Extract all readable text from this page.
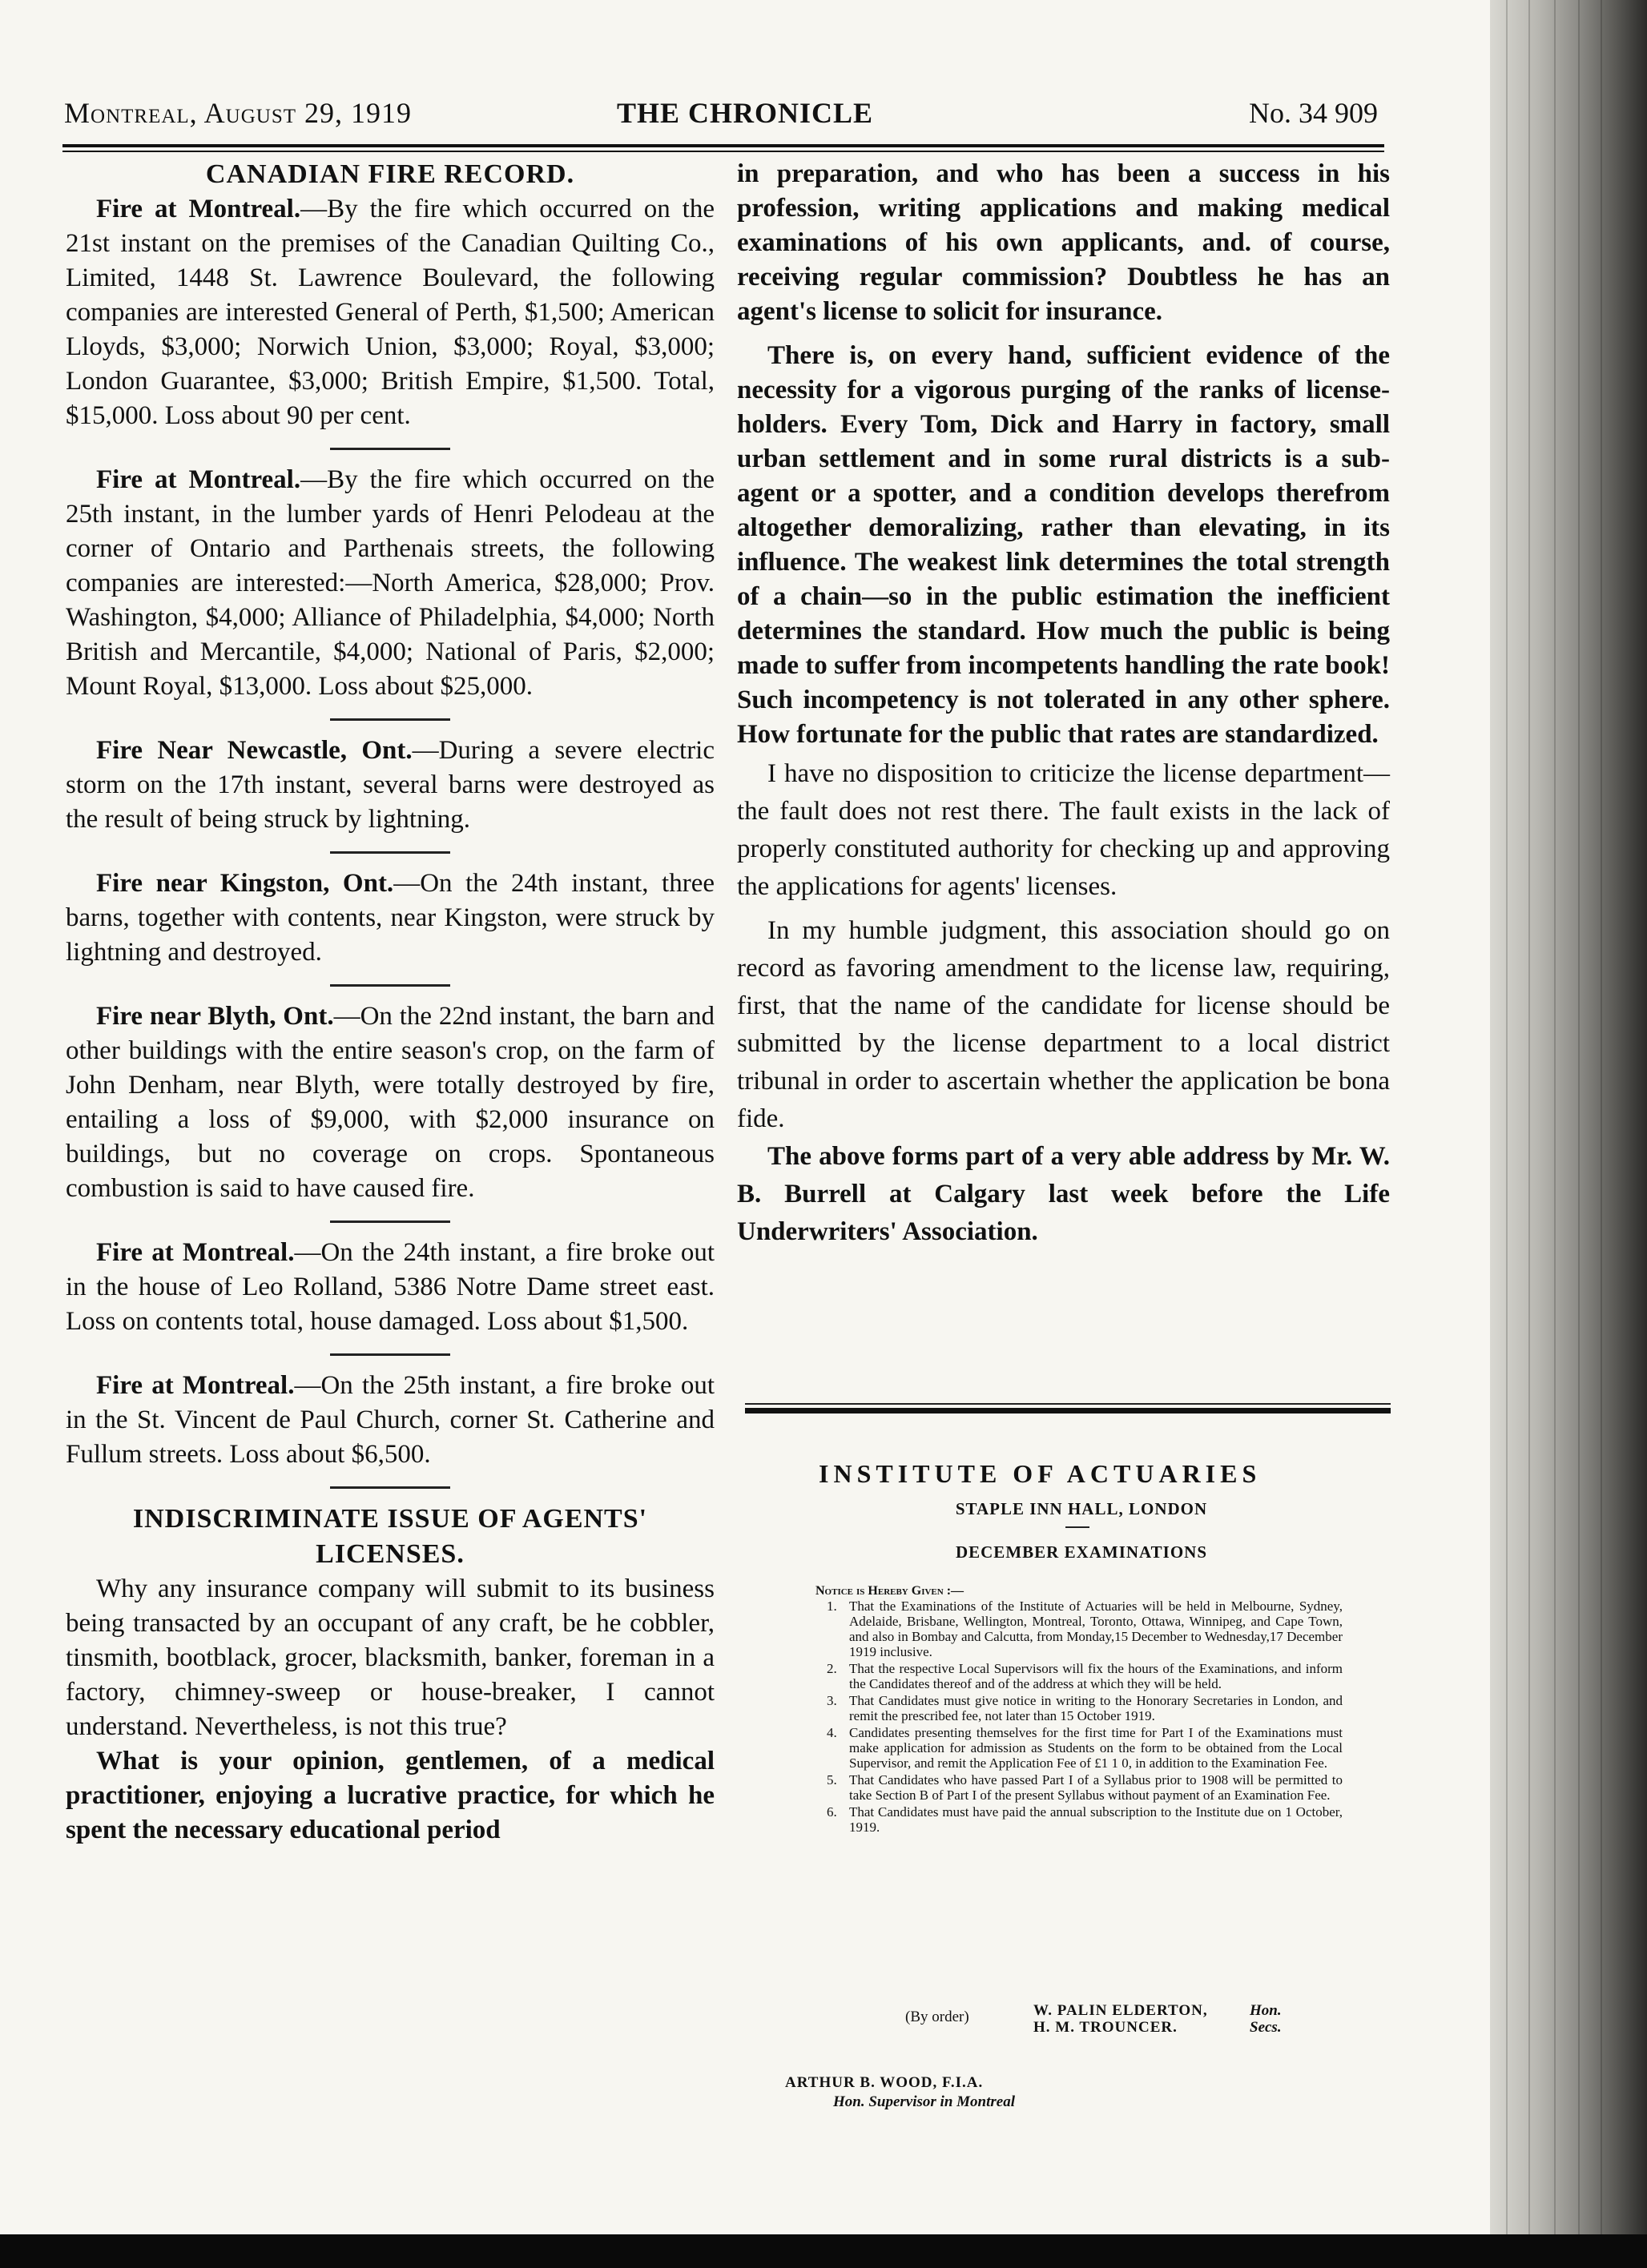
Montreal, August 29, 1919	THE CHRONICLE	No. 34 909
CANADIAN FIRE RECORD.

Fire at Montreal.—By the fire which occurred on the 21st instant on the premises of the Canadian Quilting Co., Limited, 1448 St. Lawrence Boulevard, the following companies are interested General of Perth, $1,500; American Lloyds, $3,000; Norwich Union, $3,000; Royal, $3,000; London Guarantee, $3,000; British Empire, $1,500. Total, $15,000. Loss about 90 per cent.

Fire at Montreal.—By the fire which occurred on the 25th instant, in the lumber yards of Henri Pelodeau at the corner of Ontario and Parthenais streets, the following companies are interested:—North America, $28,000; Prov. Washington, $4,000; Alliance of Philadelphia, $4,000; North British and Mercantile, $4,000; National of Paris, $2,000; Mount Royal, $13,000. Loss about $25,000.

Fire Near Newcastle, Ont.—During a severe electric storm on the 17th instant, several barns were destroyed as the result of being struck by lightning.

Fire near Kingston, Ont.—On the 24th instant, three barns, together with contents, near Kingston, were struck by lightning and destroyed.

Fire near Blyth, Ont.—On the 22nd instant, the barn and other buildings with the entire season's crop, on the farm of John Denham, near Blyth, were totally destroyed by fire, entailing a loss of $9,000, with $2,000 insurance on buildings, but no coverage on crops. Spontaneous combustion is said to have caused fire.

Fire at Montreal.—On the 24th instant, a fire broke out in the house of Leo Rolland, 5386 Notre Dame street east. Loss on contents total, house damaged. Loss about $1,500.

Fire at Montreal.—On the 25th instant, a fire broke out in the St. Vincent de Paul Church, corner St. Catherine and Fullum streets. Loss about $6,500.

INDISCRIMINATE ISSUE OF AGENTS' LICENSES.

Why any insurance company will submit to its business being transacted by an occupant of any craft, be he cobbler, tinsmith, bootblack, grocer, blacksmith, banker, foreman in a factory, chimney-sweep or house-breaker, I cannot understand. Nevertheless, is not this true?

What is your opinion, gentlemen, of a medical practitioner, enjoying a lucrative practice, for which he spent the necessary educational period

in preparation, and who has been a success in his profession, writing applications and making medical examinations of his own applicants, and. of course, receiving regular commission? Doubtless he has an agent's license to solicit for insurance.

There is, on every hand, sufficient evidence of the necessity for a vigorous purging of the ranks of license-holders. Every Tom, Dick and Harry in factory, small urban settlement and in some rural districts is a sub-agent or a spotter, and a condition develops therefrom altogether demoralizing, rather than elevating, in its influence. The weakest link determines the total strength of a chain—so in the public estimation the inefficient determines the standard. How much the public is being made to suffer from incompetents handling the rate book! Such incompetency is not tolerated in any other sphere. How fortunate for the public that rates are standardized.

I have no disposition to criticize the license department—the fault does not rest there. The fault exists in the lack of properly constituted authority for checking up and approving the applications for agents' licenses.

In my humble judgment, this association should go on record as favoring amendment to the license law, requiring, first, that the name of the candidate for license should be submitted by the license department to a local district tribunal in order to ascertain whether the application be bona fide.

The above forms part of a very able address by Mr. W. B. Burrell at Calgary last week before the Life Underwriters' Association.

INSTITUTE OF ACTUARIES
STAPLE INN HALL, LONDON
DECEMBER EXAMINATIONS
Notice is Hereby Given :—
1. That the Examinations of the Institute of Actuaries will be held in Melbourne, Sydney, Adelaide, Brisbane, Wellington, Montreal, Toronto, Ottawa, Winnipeg, and Cape Town, and also in Bombay and Calcutta, from Monday,15 December to Wednesday,17 December 1919 inclusive.
2. That the respective Local Supervisors will fix the hours of the Examinations, and inform the Candidates thereof and of the address at which they will be held.
3. That Candidates must give notice in writing to the Honorary Secretaries in London, and remit the prescribed fee, not later than 15 October 1919.
4. Candidates presenting themselves for the first time for Part I of the Examinations must make application for admission as Students on the form to be obtained from the Local Supervisor, and remit the Application Fee of £1 1 0, in addition to the Examination Fee.
5. That Candidates who have passed Part I of a Syllabus prior to 1908 will be permitted to take Section B of Part I of the present Syllabus without payment of an Examination Fee.
6. That Candidates must have paid the annual subscription to the Institute due on 1 October, 1919.
(By order)	W. PALIN ELDERTON,
H. M. TROUNCER.
Hon.
Secs.
ARTHUR B. WOOD, F.I.A.
Hon. Supervisor in Montreal
